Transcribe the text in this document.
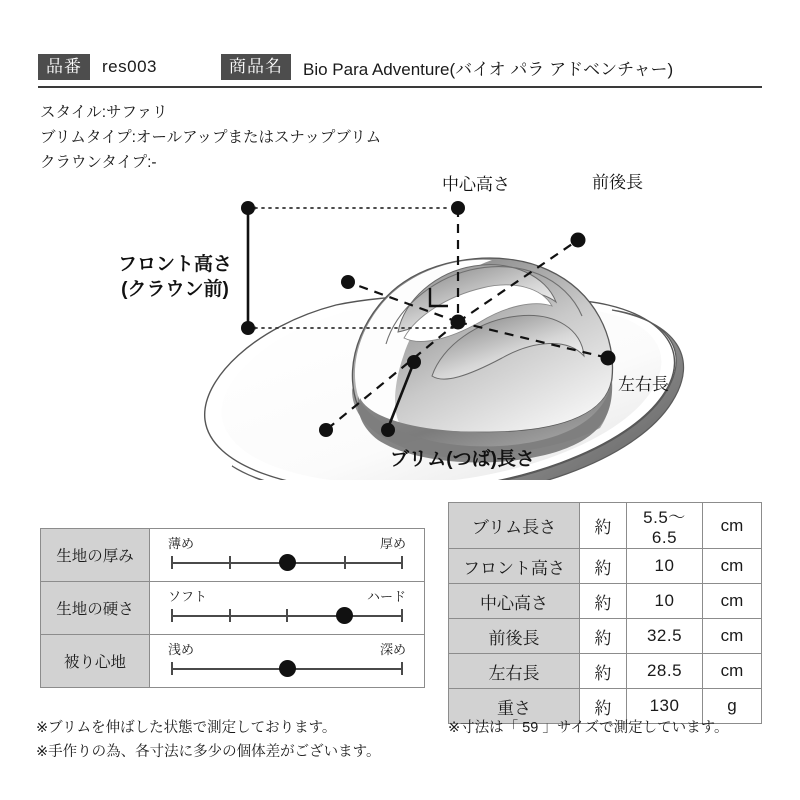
品番	res003	商品名	Bio Para Adventure(バイオ パラ アドベンチャー)
スタイル:サファリ
ブリムタイプ:オールアップまたはスナップブリム
クラウンタイプ:-
中心高さ	前後長
左右長
ブリム(つば)長さ
フロント高さ
(クラウン前)
生地の厚み	薄め 厚め

生地の硬さ	ソフト ハード

被り心地	浅め 深め
ブリム長さ	約	5.5〜6.5	cm
フロント高さ	約	10	cm
中心高さ	約	10	cm
前後長	約	32.5	cm
左右長	約	28.5	cm
重さ	約	130	g
※ブリムを伸ばした状態で測定しております。
※手作りの為、各寸法に多少の個体差がございます。
※寸法は「 59 」サイズで測定しています。
